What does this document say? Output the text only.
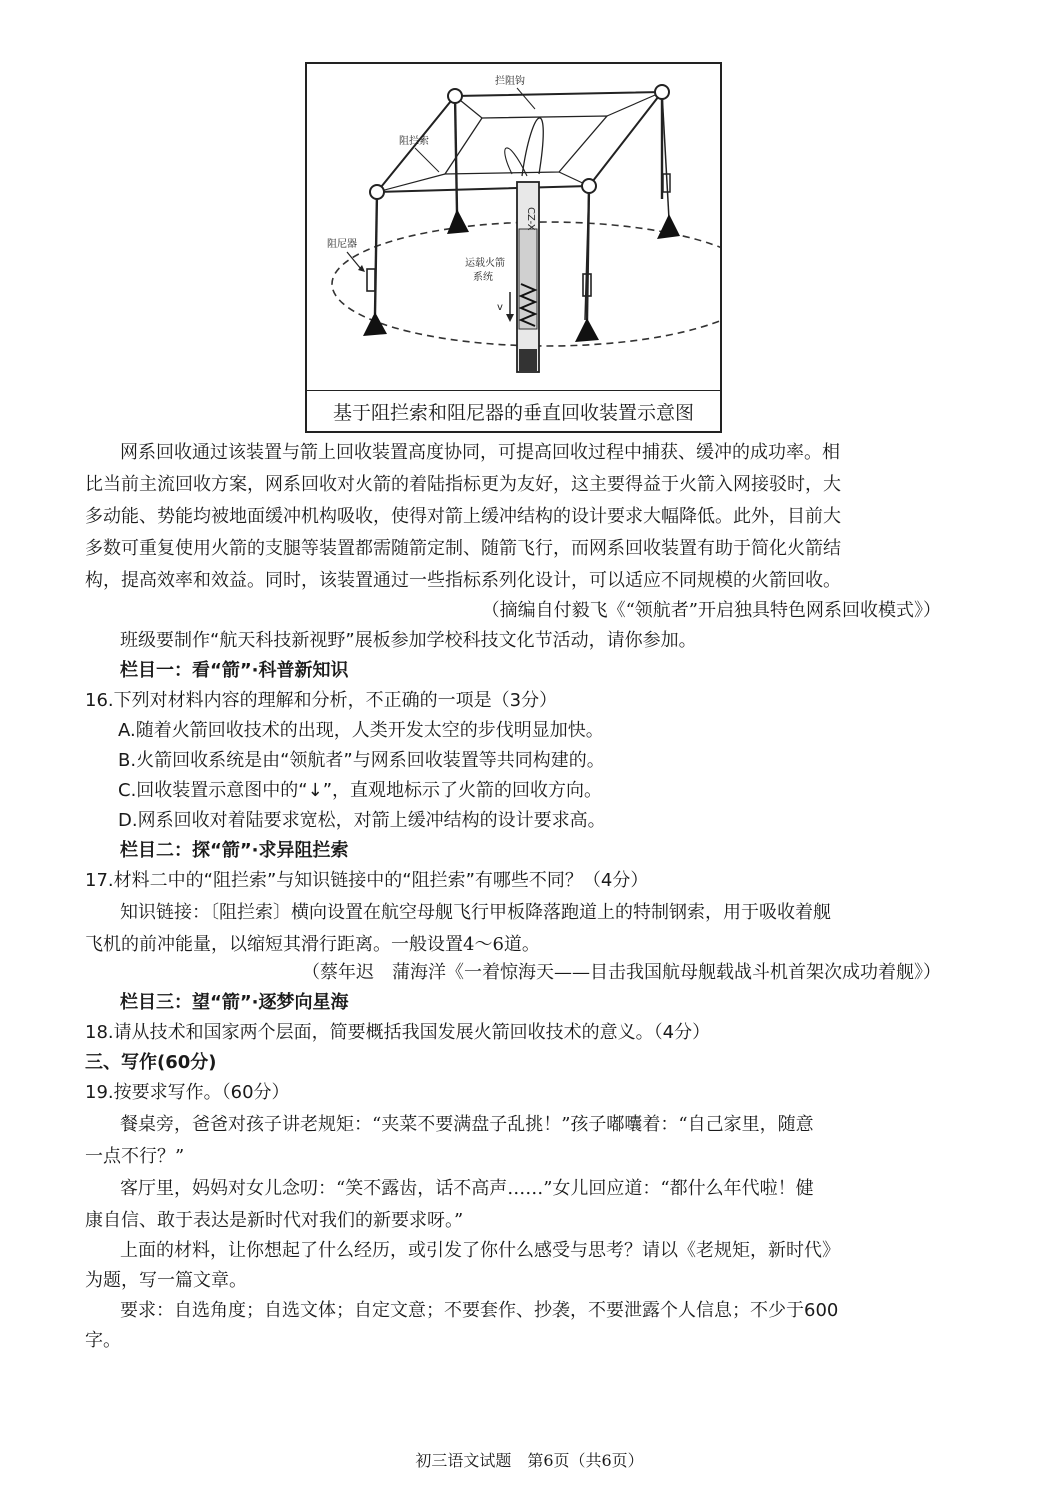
拦阻钩
阻拦索
阻尼器
运载火箭
系统
CZ-X
v
基于阻拦索和阻尼器的垂直回收装置示意图
网系回收通过该装置与箭上回收装置高度协同，可提高回收过程中捕获、缓冲的成功率。相
比当前主流回收方案，网系回收对火箭的着陆指标更为友好，这主要得益于火箭入网接驳时，大
多动能、势能均被地面缓冲机构吸收，使得对箭上缓冲结构的设计要求大幅降低。此外，目前大
多数可重复使用火箭的支腿等装置都需随箭定制、随箭飞行，而网系回收装置有助于简化火箭结
构，提高效率和效益。同时，该装置通过一些指标系列化设计，可以适应不同规模的火箭回收。
（摘编自付毅飞《“领航者”开启独具特色网系回收模式》）
班级要制作“航天科技新视野”展板参加学校科技文化节活动，请你参加。
栏目一：看“箭”·科普新知识
16.下列对材料内容的理解和分析，不正确的一项是（3分）
A.随着火箭回收技术的出现，人类开发太空的步伐明显加快。
B.火箭回收系统是由“领航者”与网系回收装置等共同构建的。
C.回收装置示意图中的“↓”，直观地标示了火箭的回收方向。
D.网系回收对着陆要求宽松，对箭上缓冲结构的设计要求高。
栏目二：探“箭”·求异阻拦索
17.材料二中的“阻拦索”与知识链接中的“阻拦索”有哪些不同？（4分）
知识链接：〔阻拦索〕横向设置在航空母舰飞行甲板降落跑道上的特制钢索，用于吸收着舰
飞机的前冲能量，以缩短其滑行距离。一般设置4～6道。
（蔡年迟　蒲海洋《一着惊海天——目击我国航母舰载战斗机首架次成功着舰》）
栏目三：望“箭”·逐梦向星海
18.请从技术和国家两个层面，简要概括我国发展火箭回收技术的意义。（4分）
三、写作(60分)
19.按要求写作。（60分）
餐桌旁，爸爸对孩子讲老规矩：“夹菜不要满盘子乱挑！”孩子嘟囔着：“自己家里，随意
一点不行？”
客厅里，妈妈对女儿念叨：“笑不露齿，话不高声……”女儿回应道：“都什么年代啦！健
康自信、敢于表达是新时代对我们的新要求呀。”
上面的材料，让你想起了什么经历，或引发了你什么感受与思考？请以《老规矩，新时代》
为题，写一篇文章。
要求：自选角度；自选文体；自定文意；不要套作、抄袭，不要泄露个人信息；不少于600
字。
初三语文试题　第6页（共6页）
